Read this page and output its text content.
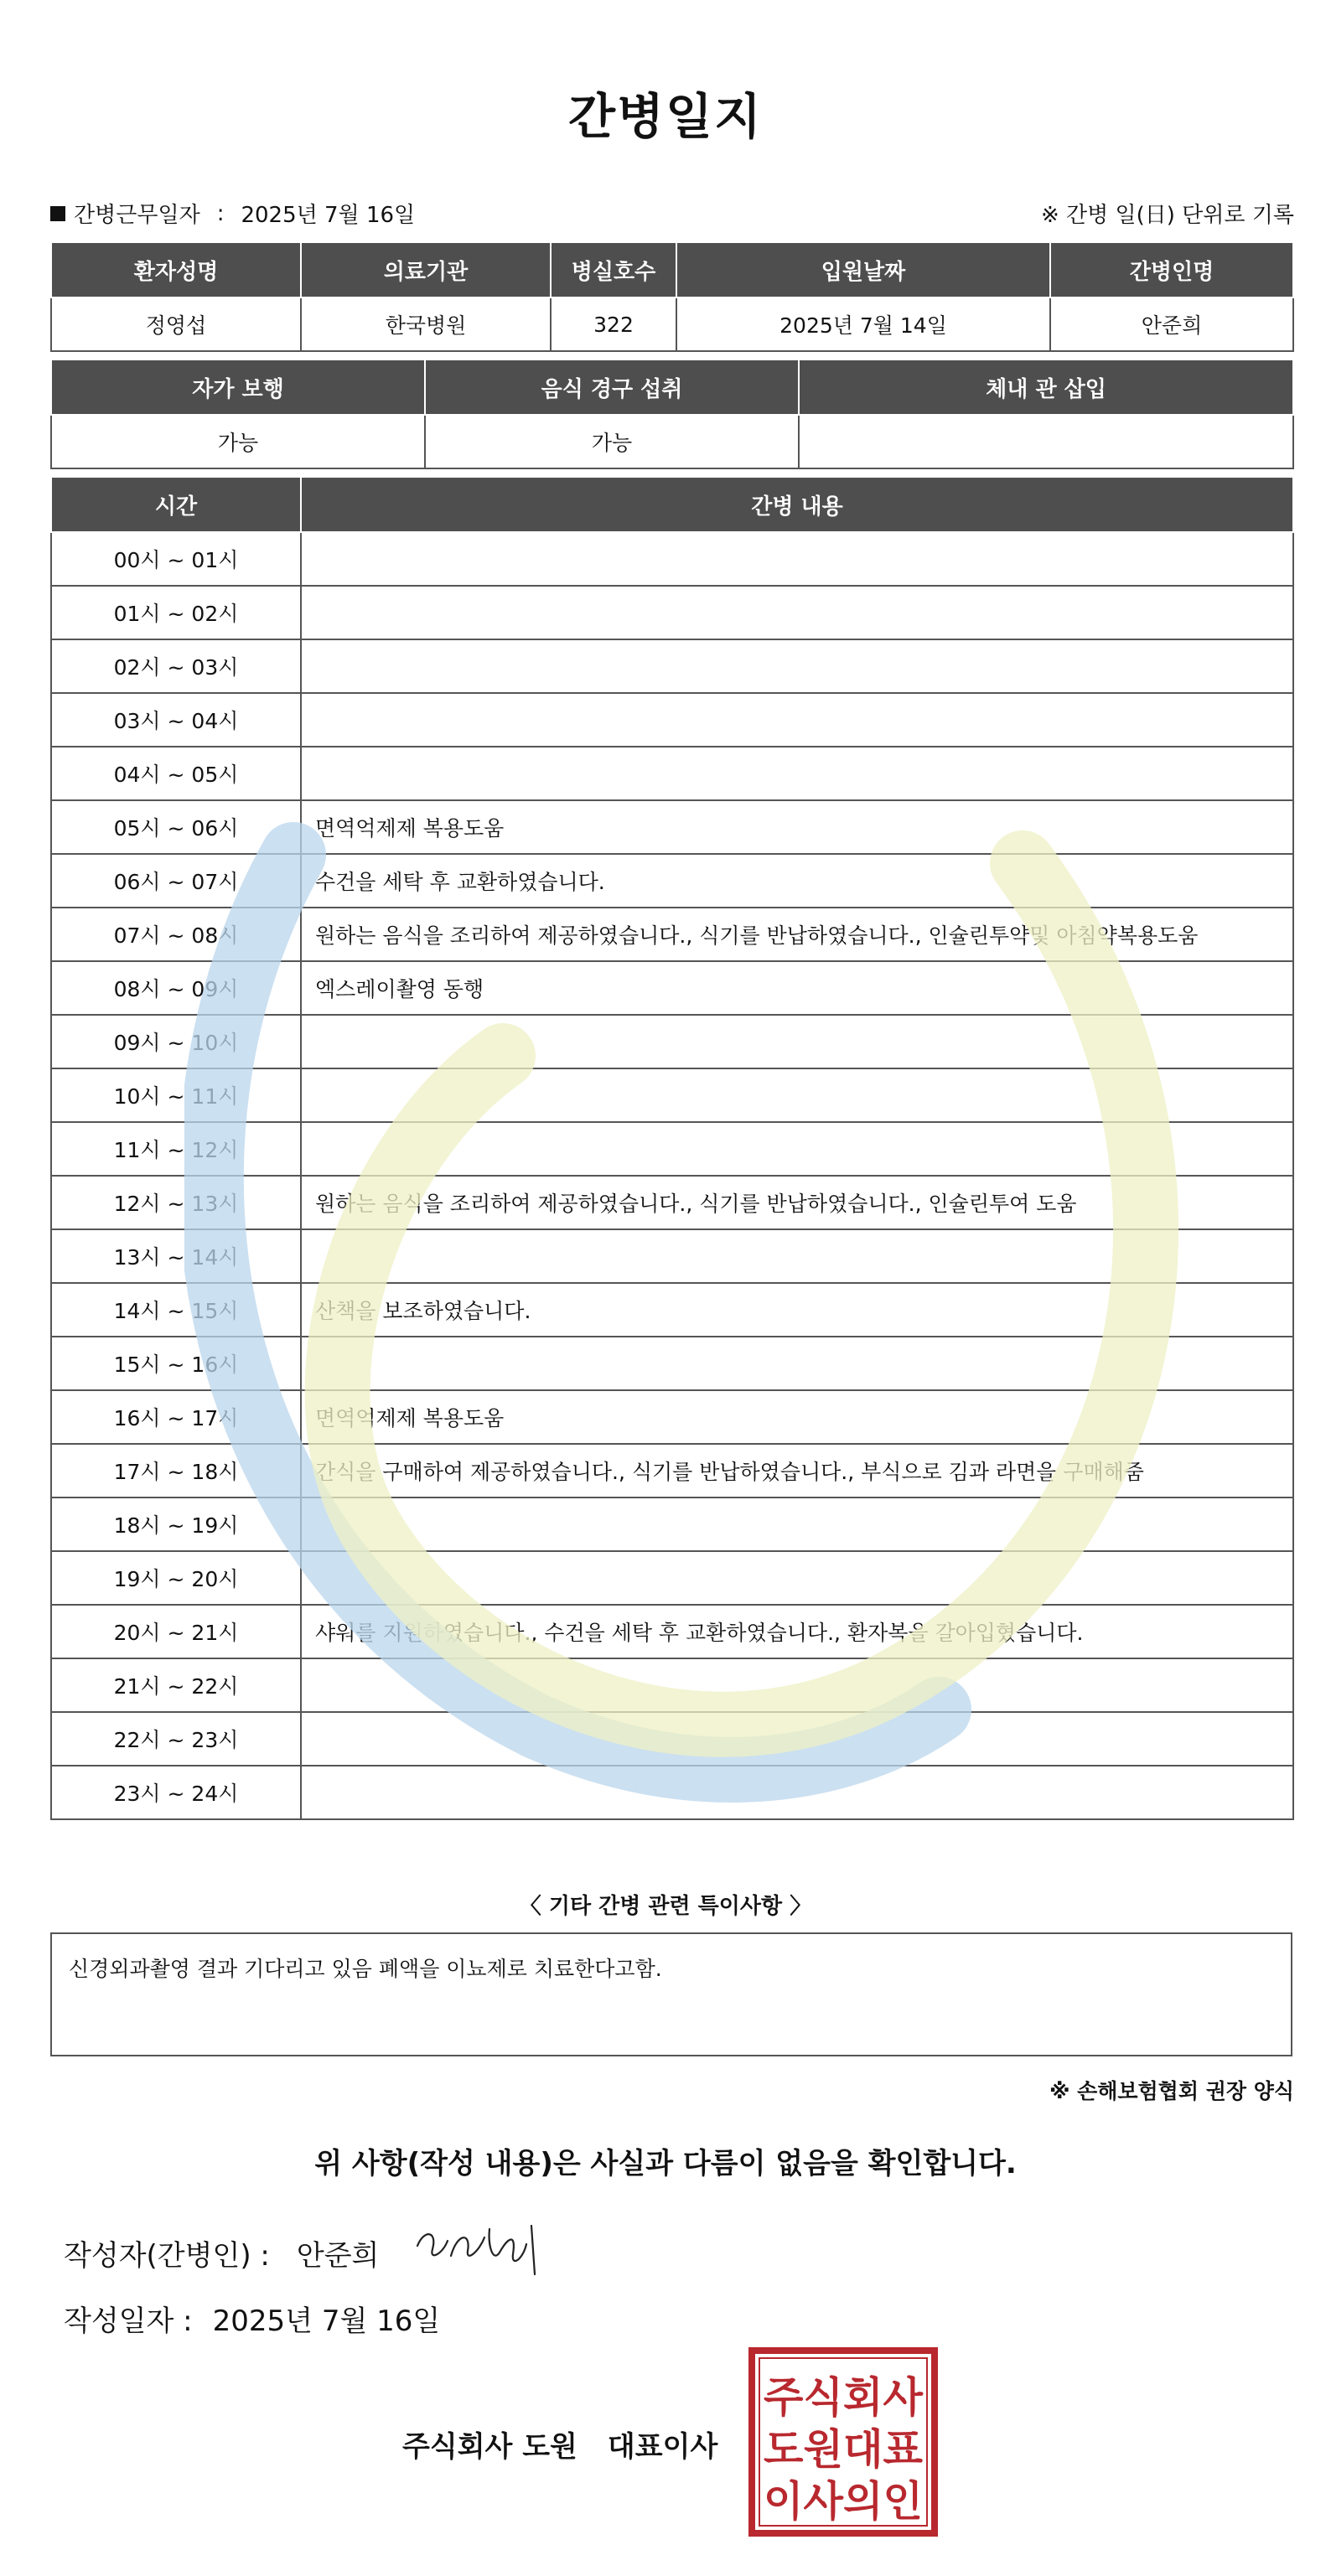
간병일지
간병근무일자 : 2025년 7월 16일	※ 간병 일(日) 단위로 기록
환자성명	의료기관	병실호수	입원날짜	간병인명
정영섭	한국병원	322	2025년 7월 14일	안준희
자가 보행	음식 경구 섭취	체내 관 삽입
가능	가능	
시간	간병 내용
00시 ~ 01시	
01시 ~ 02시	
02시 ~ 03시	
03시 ~ 04시	
04시 ~ 05시	
05시 ~ 06시	면역억제제 복용도움
06시 ~ 07시	수건을 세탁 후 교환하였습니다.
07시 ~ 08시	원하는 음식을 조리하여 제공하였습니다., 식기를 반납하였습니다., 인슐린투약및 아침약복용도움
08시 ~ 09시	엑스레이촬영 동행
09시 ~ 10시	
10시 ~ 11시	
11시 ~ 12시	
12시 ~ 13시	원하는 음식을 조리하여 제공하였습니다., 식기를 반납하였습니다., 인슐린투여 도움
13시 ~ 14시	
14시 ~ 15시	산책을 보조하였습니다.
15시 ~ 16시	
16시 ~ 17시	면역억제제 복용도움
17시 ~ 18시	간식을 구매하여 제공하였습니다., 식기를 반납하였습니다., 부식으로 김과 라면을 구매해줌
18시 ~ 19시	
19시 ~ 20시	
20시 ~ 21시	샤워를 지원하였습니다., 수건을 세탁 후 교환하였습니다., 환자복을 갈아입혔습니다.
21시 ~ 22시	
22시 ~ 23시	
23시 ~ 24시	
〈 기타 간병 관련 특이사항 〉
신경외과촬영 결과 기다리고 있음 폐액을 이뇨제로 치료한다고함.
※ 손해보험협회 권장 양식
위 사항(작성 내용)은 사실과 다름이 없음을 확인합니다.
작성자(간병인) : 안준희
작성일자 : 2025년 7월 16일
주식회사 도원 대표이사
주식회사
도원대표
이사의인
